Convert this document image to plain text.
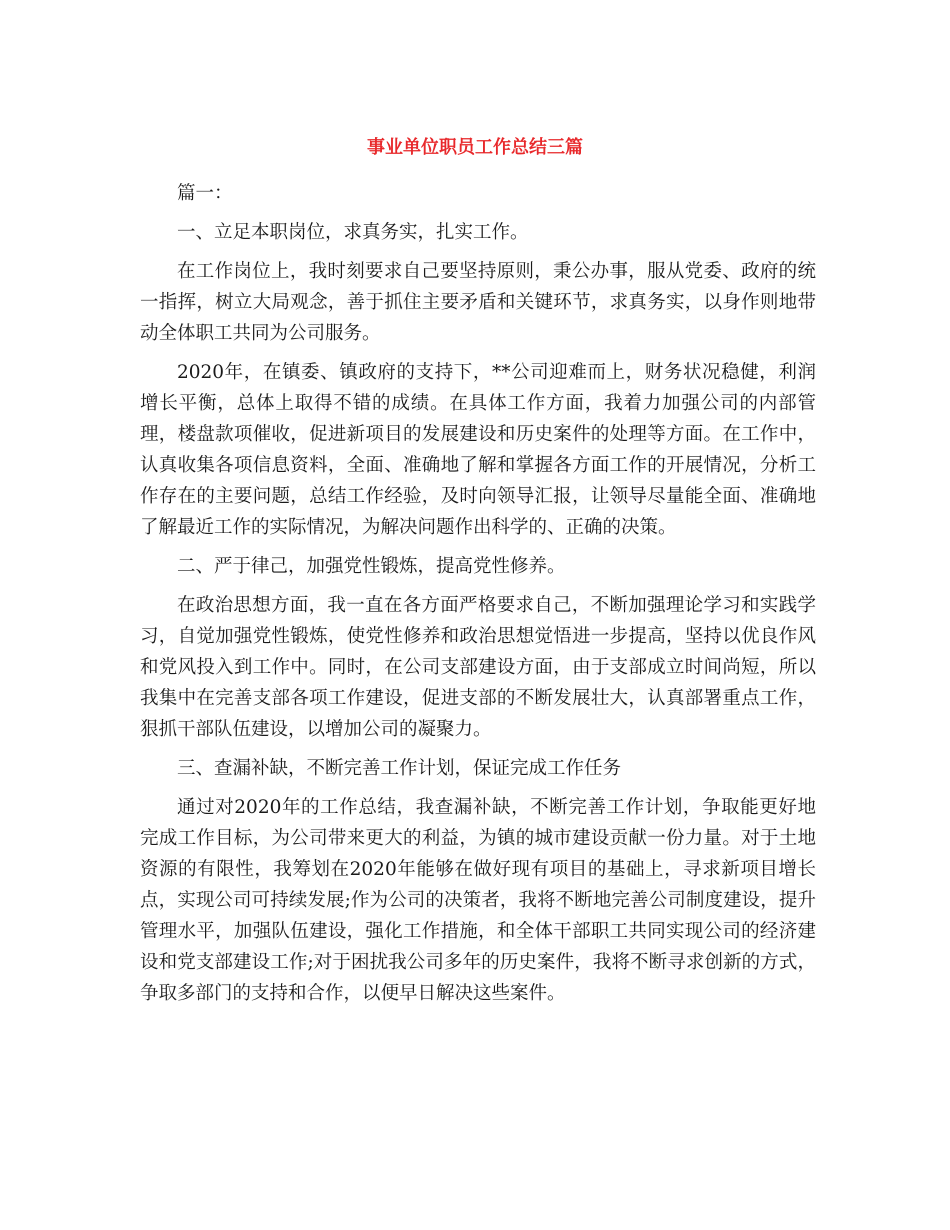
事业单位职员工作总结三篇

篇一：

一、立足本职岗位，求真务实，扎实工作。

在工作岗位上，我时刻要求自己要坚持原则，秉公办事，服从党委、政府的统一指挥，树立大局观念，善于抓住主要矛盾和关键环节，求真务实，以身作则地带动全体职工共同为公司服务。

2020年，在镇委、镇政府的支持下，**公司迎难而上，财务状况稳健，利润增长平衡，总体上取得不错的成绩。在具体工作方面，我着力加强公司的内部管理，楼盘款项催收，促进新项目的发展建设和历史案件的处理等方面。在工作中，认真收集各项信息资料，全面、准确地了解和掌握各方面工作的开展情况，分析工作存在的主要问题，总结工作经验，及时向领导汇报，让领导尽量能全面、准确地了解最近工作的实际情况，为解决问题作出科学的、正确的决策。

二、严于律己，加强党性锻炼，提高党性修养。

在政治思想方面，我一直在各方面严格要求自己，不断加强理论学习和实践学习，自觉加强党性锻炼，使党性修养和政治思想觉悟进一步提高，坚持以优良作风和党风投入到工作中。同时，在公司支部建设方面，由于支部成立时间尚短，所以我集中在完善支部各项工作建设，促进支部的不断发展壮大，认真部署重点工作，狠抓干部队伍建设，以增加公司的凝聚力。

三、查漏补缺，不断完善工作计划，保证完成工作任务

通过对2020年的工作总结，我查漏补缺，不断完善工作计划，争取能更好地完成工作目标，为公司带来更大的利益，为镇的城市建设贡献一份力量。对于土地资源的有限性，我筹划在2020年能够在做好现有项目的基础上，寻求新项目增长点，实现公司可持续发展;作为公司的决策者，我将不断地完善公司制度建设，提升管理水平，加强队伍建设，强化工作措施，和全体干部职工共同实现公司的经济建设和党支部建设工作;对于困扰我公司多年的历史案件，我将不断寻求创新的方式，争取多部门的支持和合作，以便早日解决这些案件。
